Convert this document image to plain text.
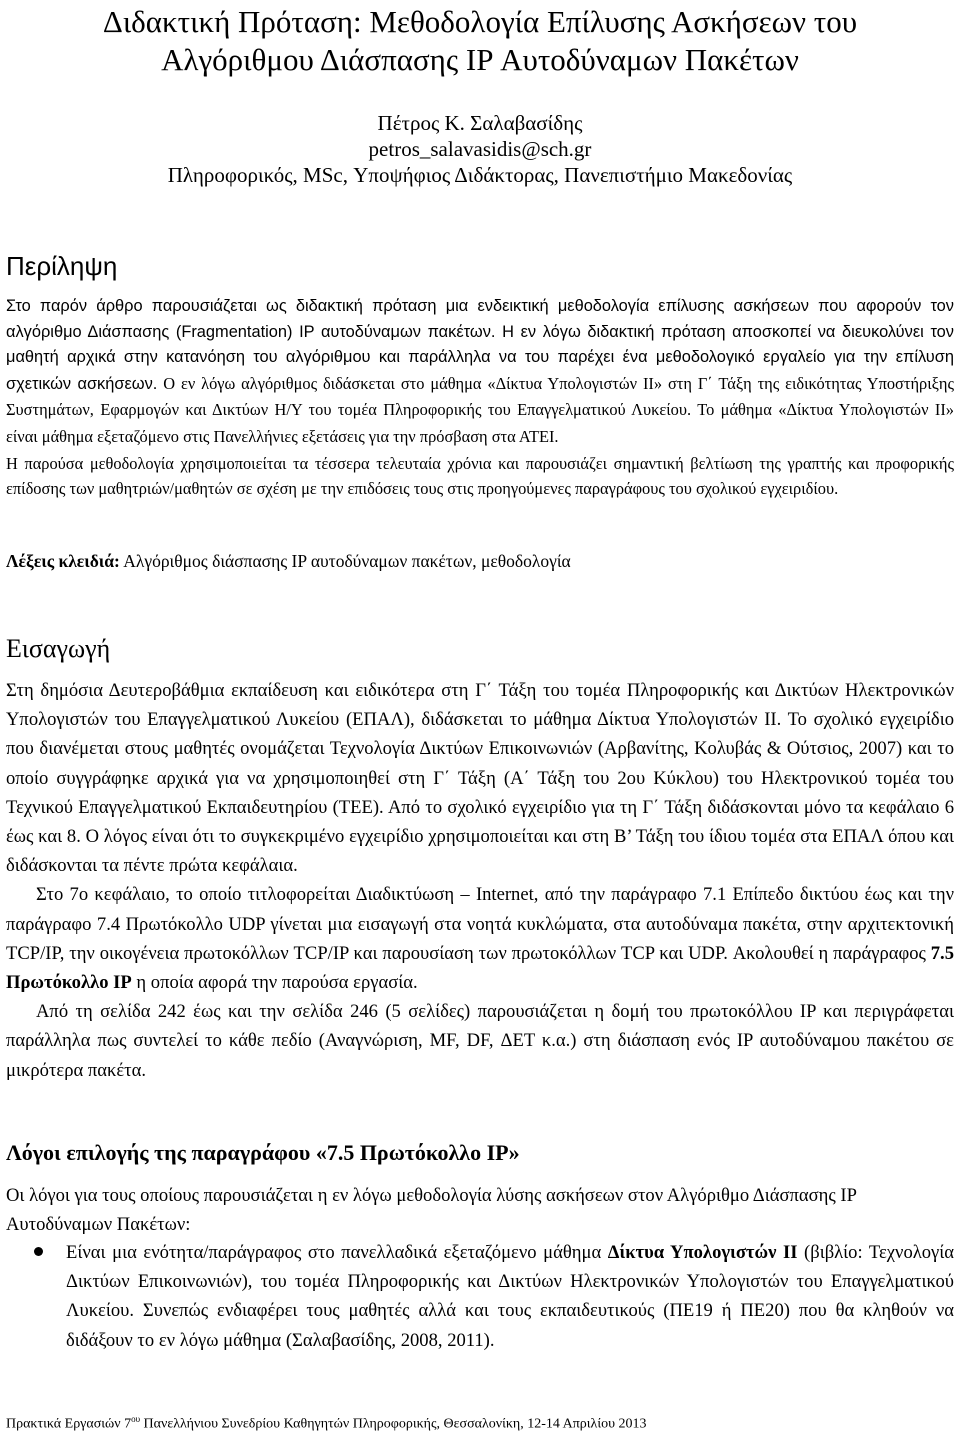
Διδακτική Πρόταση: Μεθοδολογία Επίλυσης Ασκήσεων του
Αλγόριθμου Διάσπασης IP Αυτοδύναμων Πακέτων
Πέτρος Κ. Σαλαβασίδης
petros_salavasidis@sch.gr
Πληροφορικός, MSc, Υποψήφιος Διδάκτορας, Πανεπιστήμιο Μακεδονίας
Περίληψη

Στο παρόν άρθρο παρουσιάζεται ως διδακτική πρόταση μια ενδεικτική μεθοδολογία επίλυσης ασκήσεων που αφορούν τον αλγόριθμο Διάσπασης (Fragmentation) IP αυτοδύναμων πακέτων. Η εν λόγω διδακτική πρόταση αποσκοπεί να διευκολύνει τον μαθητή αρχικά στην κατανόηση του αλγόριθμου και παράλληλα να του παρέχει ένα μεθοδολογικό εργαλείο για την επίλυση σχετικών ασκήσεων. Ο εν λόγω αλγόριθμος διδάσκεται στο μάθημα «Δίκτυα Υπολογιστών ΙΙ» στη Γ΄ Τάξη της ειδικότητας Υποστήριξης Συστημάτων, Εφαρμογών και Δικτύων Η/Υ του τομέα Πληροφορικής του Επαγγελματικού Λυκείου. Το μάθημα «Δίκτυα Υπολογιστών ΙΙ» είναι μάθημα εξεταζόμενο στις Πανελλήνιες εξετάσεις για την πρόσβαση στα ΑΤΕΙ.

Η παρούσα μεθοδολογία χρησιμοποιείται τα τέσσερα τελευταία χρόνια και παρουσιάζει σημαντική βελτίωση της γραπτής και προφορικής επίδοσης των μαθητριών/μαθητών σε σχέση με την επιδόσεις τους στις προηγούμενες παραγράφους του σχολικού εγχειριδίου.

Λέξεις κλειδιά: Αλγόριθμος διάσπασης IP αυτοδύναμων πακέτων, μεθοδολογία

Εισαγωγή

Στη δημόσια Δευτεροβάθμια εκπαίδευση και ειδικότερα στη Γ΄ Τάξη του τομέα Πληροφορικής και Δικτύων Ηλεκτρονικών Υπολογιστών του Επαγγελματικού Λυκείου (ΕΠΑΛ), διδάσκεται το μάθημα Δίκτυα Υπολογιστών ΙΙ. Το σχολικό εγχειρίδιο που διανέμεται στους μαθητές ονομάζεται Τεχνολογία Δικτύων Επικοινωνιών (Αρβανίτης, Κολυβάς & Ούτσιος, 2007) και το οποίο συγγράφηκε αρχικά για να χρησιμοποιηθεί στη Γ΄ Τάξη (Α΄ Τάξη του 2ου Κύκλου) του Ηλεκτρονικού τομέα του Τεχνικού Επαγγελματικού Εκπαιδευτηρίου (ΤΕΕ). Από το σχολικό εγχειρίδιο για τη Γ΄ Τάξη διδάσκονται μόνο τα κεφάλαιο 6 έως και 8. Ο λόγος είναι ότι το συγκεκριμένο εγχειρίδιο χρησιμοποιείται και στη Β’ Τάξη του ίδιου τομέα στα ΕΠΑΛ όπου και διδάσκονται τα πέντε πρώτα κεφάλαια.

Στο 7ο κεφάλαιο, το οποίο τιτλοφορείται Διαδικτύωση – Internet, από την παράγραφο 7.1 Επίπεδο δικτύου έως και την παράγραφο 7.4 Πρωτόκολλο UDP γίνεται μια εισαγωγή στα νοητά κυκλώματα, στα αυτοδύναμα πακέτα, στην αρχιτεκτονική TCP/IP, την οικογένεια πρωτοκόλλων TCP/IP και παρουσίαση των πρωτοκόλλων TCP και UDP. Ακολουθεί η παράγραφος 7.5 Πρωτόκολλο IP η οποία αφορά την παρούσα εργασία.

Από τη σελίδα 242 έως και την σελίδα 246 (5 σελίδες) παρουσιάζεται η δομή του πρωτοκόλλου IP και περιγράφεται παράλληλα πως συντελεί το κάθε πεδίο (Αναγνώριση, MF, DF, ΔΕΤ κ.α.) στη διάσπαση ενός IP αυτοδύναμου πακέτου σε μικρότερα πακέτα.

Λόγοι επιλογής της παραγράφου «7.5 Πρωτόκολλο IP»

Οι λόγοι για τους οποίους παρουσιάζεται η εν λόγω μεθοδολογία λύσης ασκήσεων στον Αλγόριθμο Διάσπασης IP Αυτοδύναμων Πακέτων:

Είναι μια ενότητα/παράγραφος στο πανελλαδικά εξεταζόμενο μάθημα Δίκτυα Υπολογιστών ΙΙ (βιβλίο: Τεχνολογία Δικτύων Επικοινωνιών), του τομέα Πληροφορικής και Δικτύων Ηλεκτρονικών Υπολογιστών του Επαγγελματικού Λυκείου. Συνεπώς ενδιαφέρει τους μαθητές αλλά και τους εκπαιδευτικούς (ΠΕ19 ή ΠΕ20) που θα κληθούν να διδάξουν το εν λόγω μάθημα (Σαλαβασίδης, 2008, 2011).
Πρακτικά Εργασιών $7^{o\upsilon}$ Πανελλήνιου Συνεδρίου Καθηγητών Πληροφορικής, Θεσσαλονίκη, 12-14 Απριλίου 2013
